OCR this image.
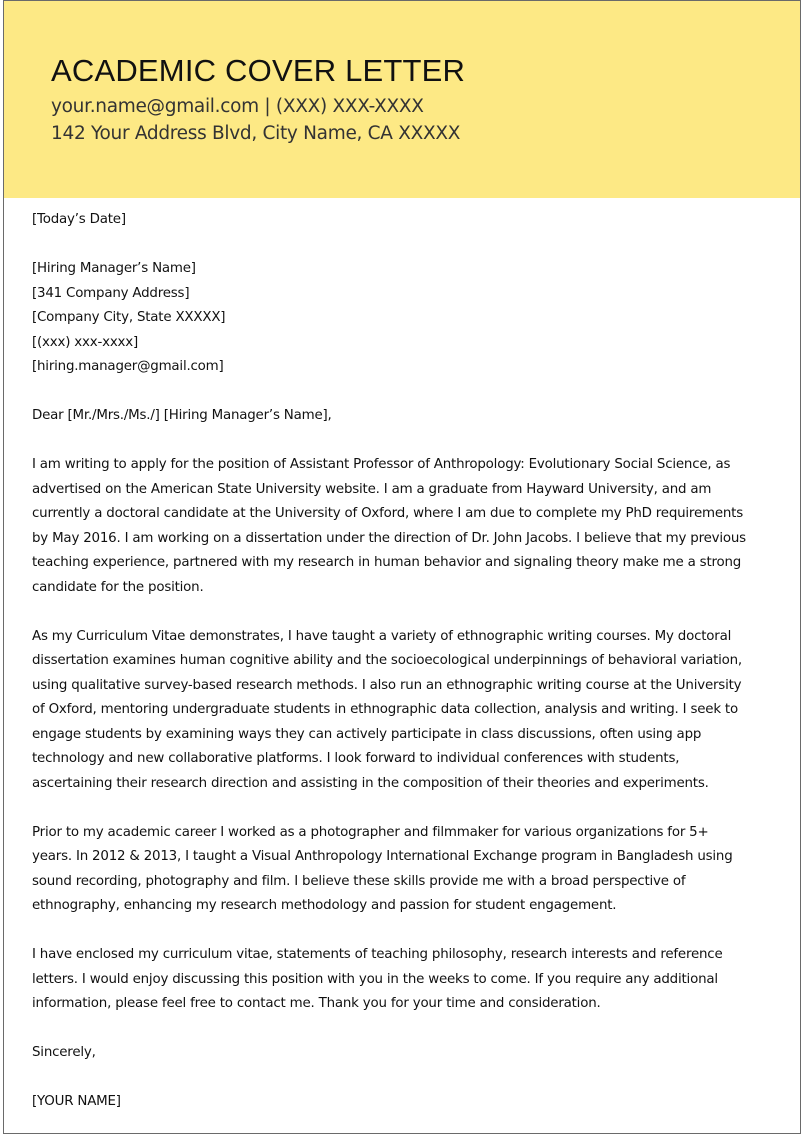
ACADEMIC COVER LETTER
your.name@gmail.com | (XXX) XXX-XXXX
142 Your Address Blvd, City Name, CA XXXXX
[Today’s Date]
[Hiring Manager’s Name]
[341 Company Address]
[Company City, State XXXXX]
[(xxx) xxx-xxxx]
[hiring.manager@gmail.com]
Dear [Mr./Mrs./Ms./] [Hiring Manager’s Name],
I am writing to apply for the position of Assistant Professor of Anthropology: Evolutionary Social Science, as
advertised on the American State University website. I am a graduate from Hayward University, and am
currently a doctoral candidate at the University of Oxford, where I am due to complete my PhD requirements
by May 2016. I am working on a dissertation under the direction of Dr. John Jacobs. I believe that my previous
teaching experience, partnered with my research in human behavior and signaling theory make me a strong
candidate for the position.
As my Curriculum Vitae demonstrates, I have taught a variety of ethnographic writing courses. My doctoral
dissertation examines human cognitive ability and the socioecological underpinnings of behavioral variation,
using qualitative survey-based research methods. I also run an ethnographic writing course at the University
of Oxford, mentoring undergraduate students in ethnographic data collection, analysis and writing. I seek to
engage students by examining ways they can actively participate in class discussions, often using app
technology and new collaborative platforms. I look forward to individual conferences with students,
ascertaining their research direction and assisting in the composition of their theories and experiments.
Prior to my academic career I worked as a photographer and filmmaker for various organizations for 5+
years. In 2012 & 2013, I taught a Visual Anthropology International Exchange program in Bangladesh using
sound recording, photography and film. I believe these skills provide me with a broad perspective of
ethnography, enhancing my research methodology and passion for student engagement.
I have enclosed my curriculum vitae, statements of teaching philosophy, research interests and reference
letters. I would enjoy discussing this position with you in the weeks to come. If you require any additional
information, please feel free to contact me. Thank you for your time and consideration.
Sincerely,
[YOUR NAME]
